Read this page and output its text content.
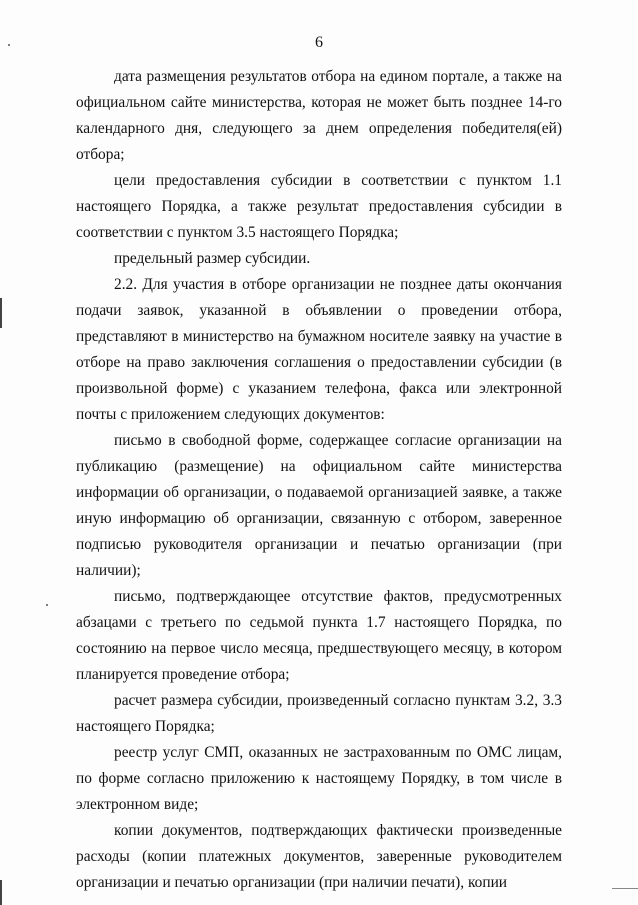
6

дата размещения результатов отбора на едином портале, а также на официальном сайте министерства, которая не может быть позднее 14-го календарного дня, следующего за днем определения победителя(ей) отбора;

цели предоставления субсидии в соответствии с пунктом 1.1 настоящего Порядка, а также результат предоставления субсидии в соответствии с пунктом 3.5 настоящего Порядка;

предельный размер субсидии.

2.2. Для участия в отборе организации не позднее даты окончания подачи заявок, указанной в объявлении о проведении отбора, представляют в министерство на бумажном носителе заявку на участие в отборе на право заключения соглашения о предоставлении субсидии (в произвольной форме) с указанием телефона, факса или электронной почты с приложением следующих документов:

письмо в свободной форме, содержащее согласие организации на публикацию (размещение) на официальном сайте министерства информации об организации, о подаваемой организацией заявке, а также иную информацию об организации, связанную с отбором, заверенное подписью руководителя организации и печатью организации (при наличии);

письмо, подтверждающее отсутствие фактов, предусмотренных абзацами с третьего по седьмой пункта 1.7 настоящего Порядка, по состоянию на первое число месяца, предшествующего месяцу, в котором планируется проведение отбора;

расчет размера субсидии, произведенный согласно пунктам 3.2, 3.3 настоящего Порядка;

реестр услуг СМП, оказанных не застрахованным по ОМС лицам, по форме согласно приложению к настоящему Порядку, в том числе в электронном виде;

копии документов, подтверждающих фактически произведенные расходы (копии платежных документов, заверенные руководителем организации и печатью организации (при наличии печати), копии
